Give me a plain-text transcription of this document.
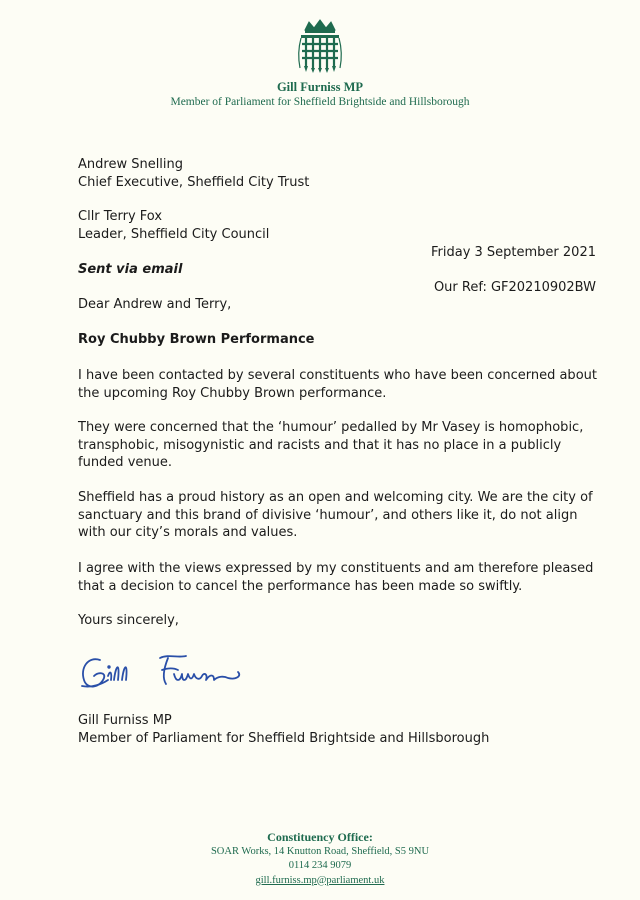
Gill Furniss MP
Member of Parliament for Sheffield Brightside and Hillsborough
Andrew Snelling
Chief Executive, Sheffield City Trust
Cllr Terry Fox
Leader, Sheffield City Council
Friday 3 September 2021
Sent via email
Our Ref: GF20210902BW
Dear Andrew and Terry,
Roy Chubby Brown Performance
I have been contacted by several constituents who have been concerned about the upcoming Roy Chubby Brown performance.
They were concerned that the ‘humour’ pedalled by Mr Vasey is homophobic, transphobic, misogynistic and racists and that it has no place in a publicly funded venue.
Sheffield has a proud history as an open and welcoming city. We are the city of sanctuary and this brand of divisive ‘humour’, and others like it, do not align with our city’s morals and values.
I agree with the views expressed by my constituents and am therefore pleased that a decision to cancel the performance has been made so swiftly.
Yours sincerely,
Gill Furniss MP
Member of Parliament for Sheffield Brightside and Hillsborough
Constituency Office:
SOAR Works, 14 Knutton Road, Sheffield, S5 9NU
0114 234 9079
gill.furniss.mp@parliament.uk
